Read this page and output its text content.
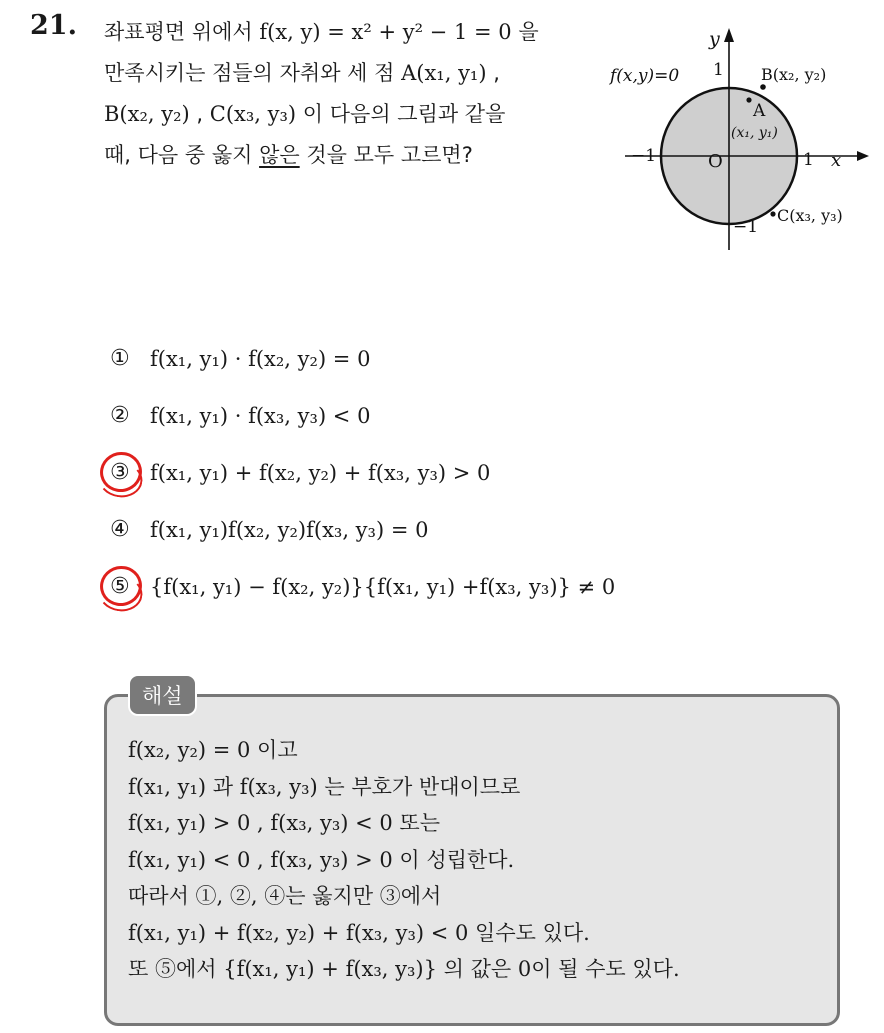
21. 좌표평면 위에서 f(x, y) = x² + y² − 1 = 0 을
만족시키는 점들의 자취와 세 점 A(x₁, y₁) ,
B(x₂, y₂) , C(x₃, y₃) 이 다음의 그림과 같을
때, 다음 중 옳지 않은 것을 모두 고르면?
y
x
f(x,y)=0 1
1
−1
−1
O
A
(x₁, y₁)
B(x₂, y₂)
C(x₃, y₃)
① f(x₁, y₁) · f(x₂, y₂) = 0
② f(x₁, y₁) · f(x₃, y₃) < 0
③ f(x₁, y₁) + f(x₂, y₂) + f(x₃, y₃) > 0
④ f(x₁, y₁)f(x₂, y₂)f(x₃, y₃) = 0
⑤ {f(x₁, y₁) − f(x₂, y₂)}{f(x₁, y₁) +f(x₃, y₃)} ≠ 0
해설
f(x₂, y₂) = 0 이고
f(x₁, y₁) 과 f(x₃, y₃) 는 부호가 반대이므로
f(x₁, y₁) > 0 , f(x₃, y₃) < 0 또는
f(x₁, y₁) < 0 , f(x₃, y₃) > 0 이 성립한다.
따라서 ①, ②, ④는 옳지만 ③에서
f(x₁, y₁) + f(x₂, y₂) + f(x₃, y₃) < 0 일수도 있다.
또 ⑤에서 {f(x₁, y₁) + f(x₃, y₃)} 의 값은 0이 될 수도 있다.
